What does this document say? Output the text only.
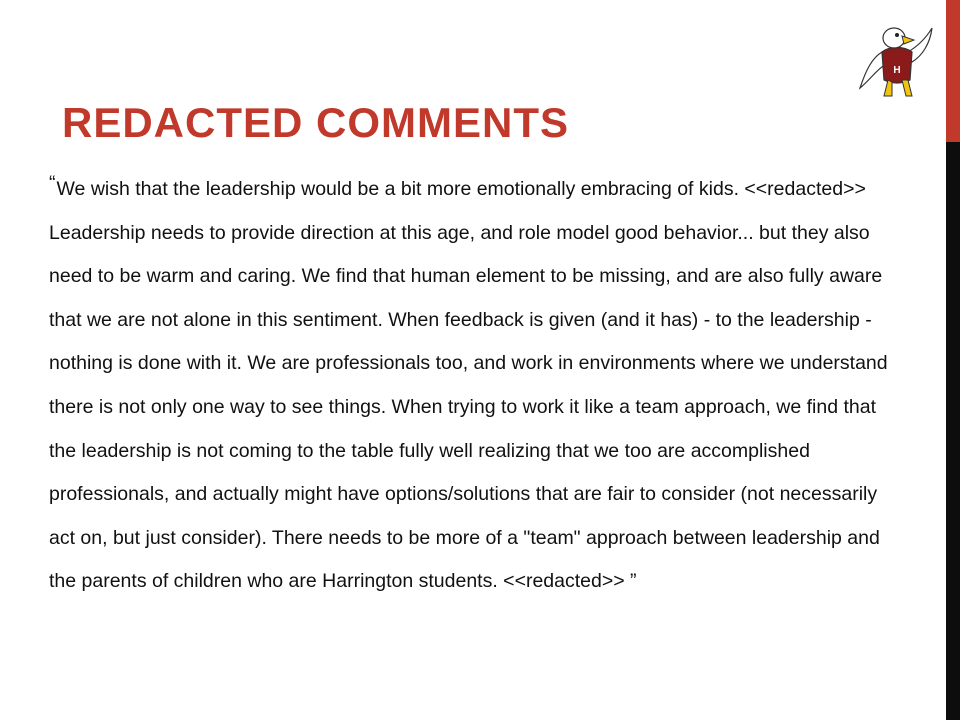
H
REDACTED COMMENTS

“We wish that the leadership would be a bit more emotionally embracing of kids. <<redacted>> Leadership needs to provide direction at this age, and role model good behavior... but they also need to be warm and caring. We find that human element to be missing, and are also fully aware that we are not alone in this sentiment. When feedback is given (and it has) - to the leadership - nothing is done with it. We are professionals too, and work in environments where we understand there is not only one way to see things. When trying to work it like a team approach, we find that the leadership is not coming to the table fully well realizing that we too are accomplished professionals, and actually might have options/solutions that are fair to consider (not necessarily act on, but just consider). There needs to be more of a "team" approach between leadership and the parents of children who are Harrington students. <<redacted>> ”
